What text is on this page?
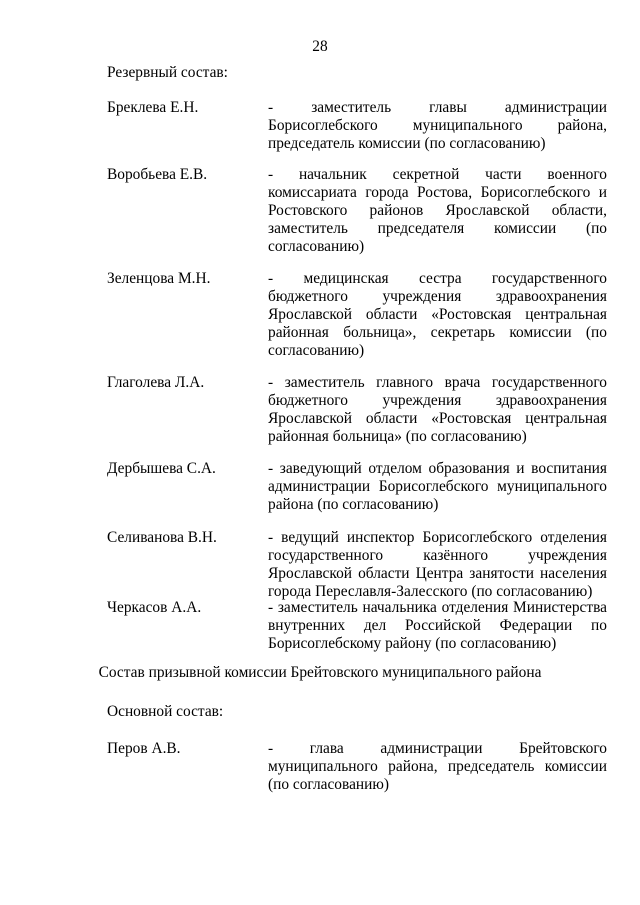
28
Резервный состав:
Бреклева Е.Н.	- заместитель главы администрации Борисоглебского муниципального района, председатель комиссии (по согласованию)
Воробьева Е.В.	- начальник секретной части военного комиссариата города Ростова, Борисоглебского и Ростовского районов Ярославской области, заместитель председателя комиссии (по согласованию)
Зеленцова М.Н.	- медицинская сестра государственного бюджетного учреждения здравоохранения Ярославской области «Ростовская центральная районная больница», секретарь комиссии (по согласованию)
Глаголева Л.А.	- заместитель главного врача государственного бюджетного учреждения здравоохранения Ярославской области «Ростовская центральная районная больница» (по согласованию)
Дербышева С.А.	- заведующий отделом образования и воспитания администрации Борисоглебского муниципального района (по согласованию)
Селиванова В.Н.	- ведущий инспектор Борисоглебского отделения государственного казённого учреждения Ярославской области Центра занятости населения города Переславля-Залесского (по согласованию)
Черкасов А.А.	- заместитель начальника отделения Министерства внутренних дел Российской Федерации по Борисоглебскому району (по согласованию)
Состав призывной комиссии Брейтовского муниципального района
Основной состав:
Перов А.В.	- глава администрации Брейтовского муниципального района, председатель комиссии (по согласованию)
